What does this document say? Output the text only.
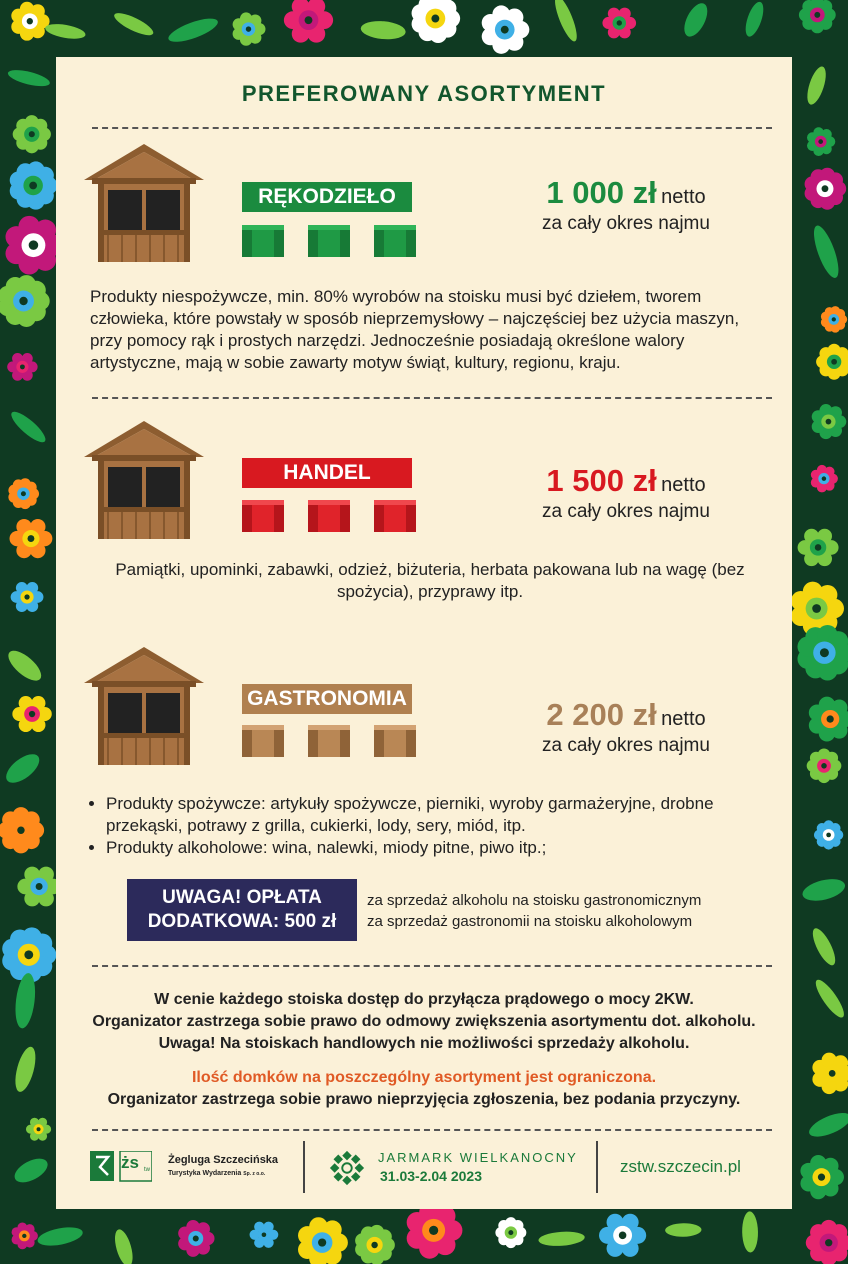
PREFEROWANY ASORTYMENT
RĘKODZIEŁO	1 000 zł netto
za cały okres najmu
Produkty niespożywcze, min. 80% wyrobów na stoisku musi być dziełem, tworem człowieka, które powstały w sposób nieprzemysłowy – najczęściej bez użycia maszyn, przy pomocy rąk i prostych narzędzi. Jednocześnie posiadają określone walory artystyczne, mają w sobie zawarty motyw świąt, kultury, regionu, kraju.
HANDEL	1 500 zł netto
za cały okres najmu
Pamiątki, upominki, zabawki, odzież, biżuteria, herbata pakowana lub na wagę (bez spożycia), przyprawy itp.
GASTRONOMIA	2 200 zł netto
za cały okres najmu
• Produkty spożywcze: artykuły spożywcze, pierniki, wyroby garmażeryjne, drobne przekąski, potrawy z grilla, cukierki, lody, sery, miód, itp.
• Produkty alkoholowe: wina, nalewki, miody pitne, piwo itp.;
UWAGA! OPŁATA
DODATKOWA: 500 zł
za sprzedaż alkoholu na stoisku gastronomicznym
za sprzedaż gastronomii na stoisku alkoholowym
W cenie każdego stoiska dostęp do przyłącza prądowego o mocy 2KW.
Organizator zastrzega sobie prawo do odmowy zwiększenia asortymentu dot. alkoholu.
Uwaga! Na stoiskach handlowych nie możliwości sprzedaży alkoholu.
Ilość domków na poszczególny asortyment jest ograniczona.
Organizator zastrzega sobie prawo nieprzyjęcia zgłoszenia, bez podania przyczyny.
żs tw
Żegluga Szczecińska
Turystyka Wydarzenia Sp. z o.o.
JARMARK WIELKANOCNY
31.03-2.04 2023	zstw.szczecin.pl
